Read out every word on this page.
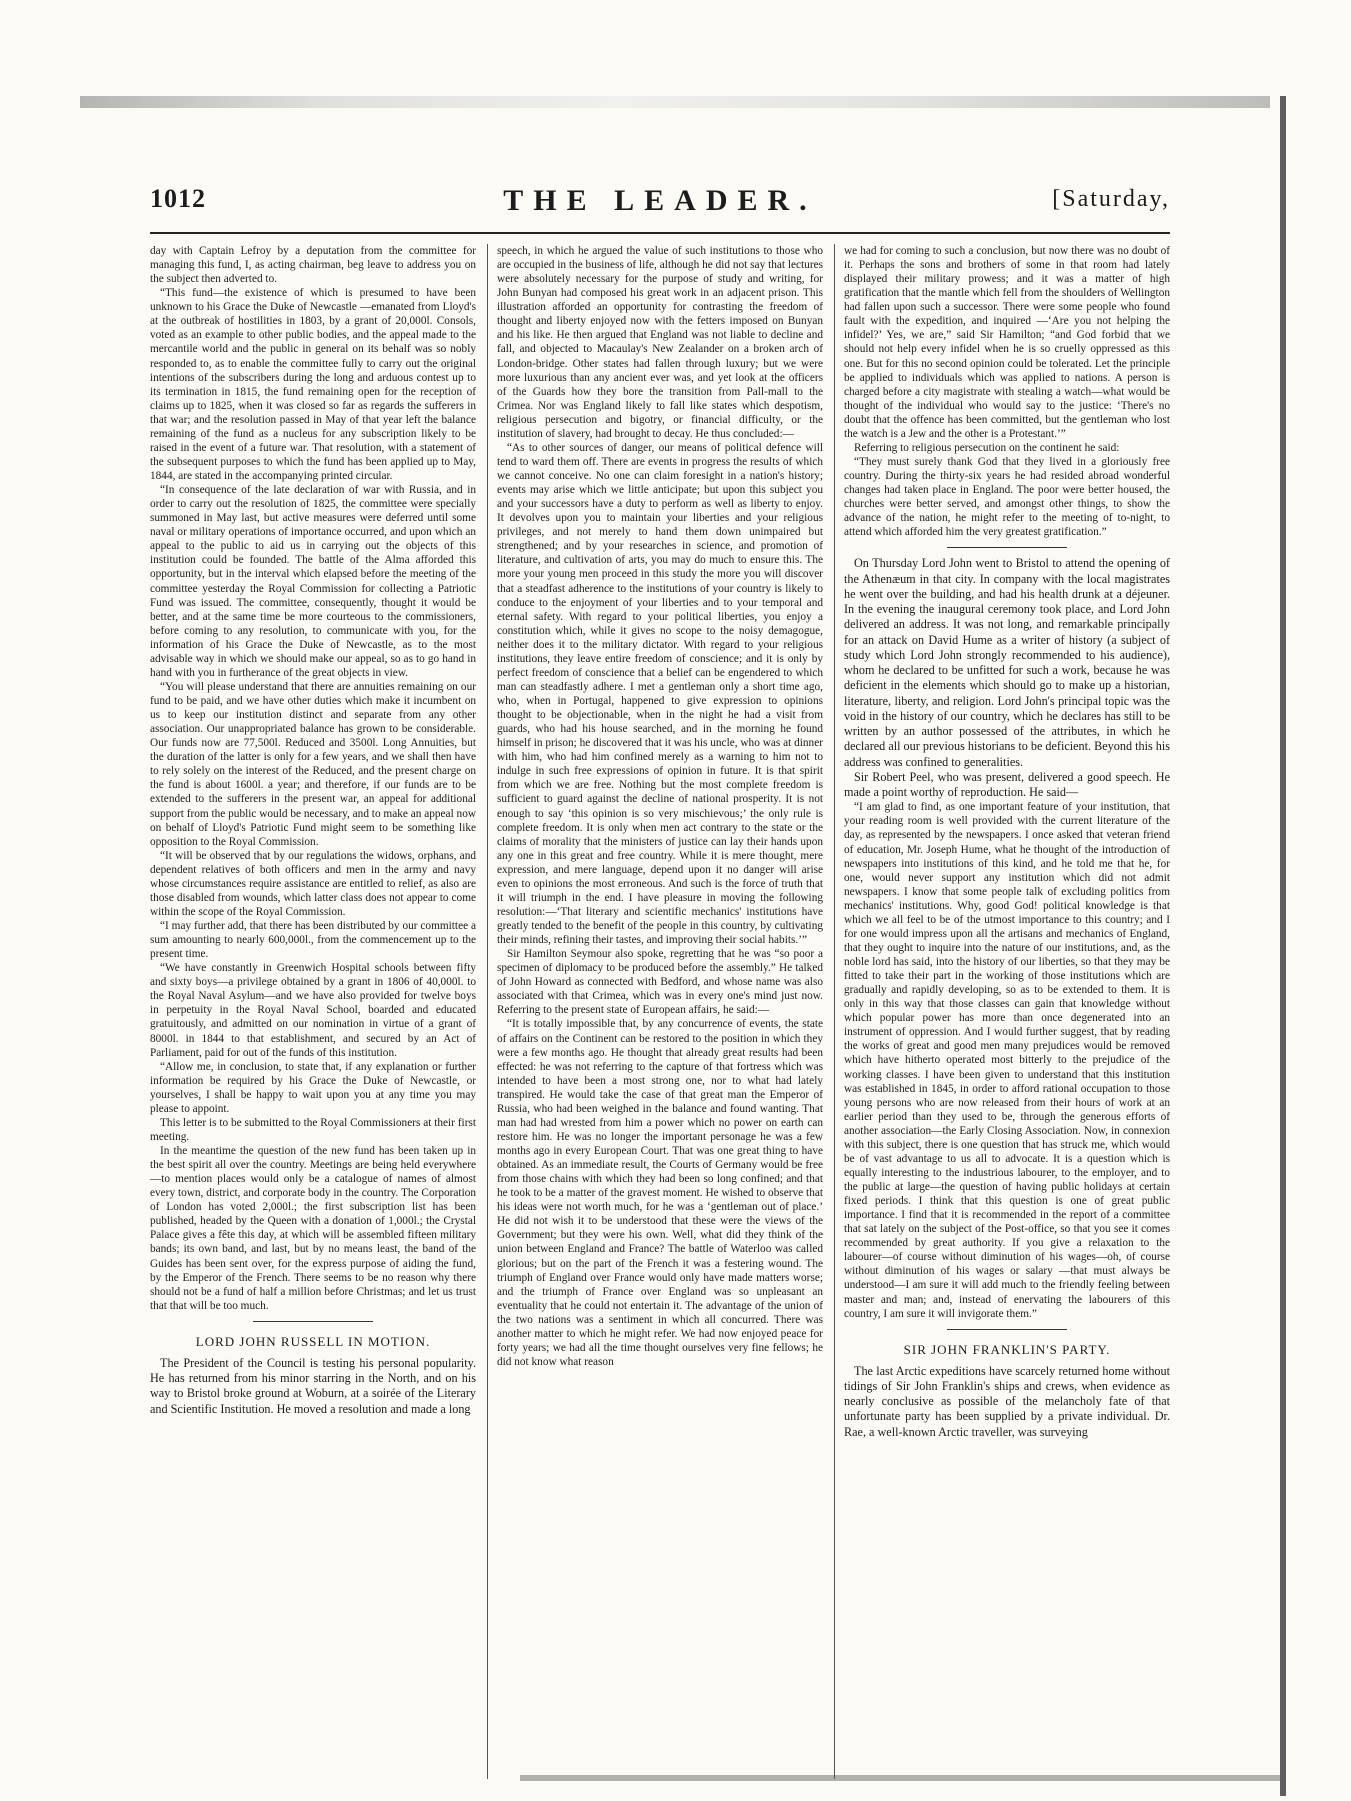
THE LEADER.
1012	[Saturday,

day with Captain Lefroy by a deputation from the committee for managing this fund, I, as acting chairman, beg leave to address you on the subject then adverted to.

“This fund—the existence of which is presumed to have been unknown to his Grace the Duke of Newcastle —emanated from Lloyd's at the outbreak of hostilities in 1803, by a grant of 20,000l. Consols, voted as an example to other public bodies, and the appeal made to the mercantile world and the public in general on its behalf was so nobly responded to, as to enable the committee fully to carry out the original intentions of the subscribers during the long and arduous contest up to its termination in 1815, the fund remaining open for the reception of claims up to 1825, when it was closed so far as regards the sufferers in that war; and the resolution passed in May of that year left the balance remaining of the fund as a nucleus for any subscription likely to be raised in the event of a future war. That resolution, with a statement of the subsequent purposes to which the fund has been applied up to May, 1844, are stated in the accompanying printed circular.

“In consequence of the late declaration of war with Russia, and in order to carry out the resolution of 1825, the committee were specially summoned in May last, but active measures were deferred until some naval or military operations of importance occurred, and upon which an appeal to the public to aid us in carrying out the objects of this institution could be founded. The battle of the Alma afforded this opportunity, but in the interval which elapsed before the meeting of the committee yesterday the Royal Commission for collecting a Patriotic Fund was issued. The committee, consequently, thought it would be better, and at the same time be more courteous to the commissioners, before coming to any resolution, to communicate with you, for the information of his Grace the Duke of Newcastle, as to the most advisable way in which we should make our appeal, so as to go hand in hand with you in furtherance of the great objects in view.

“You will please understand that there are annuities remaining on our fund to be paid, and we have other duties which make it incumbent on us to keep our institution distinct and separate from any other association. Our unappropriated balance has grown to be considerable. Our funds now are 77,500l. Reduced and 3500l. Long Annuities, but the duration of the latter is only for a few years, and we shall then have to rely solely on the interest of the Reduced, and the present charge on the fund is about 1600l. a year; and therefore, if our funds are to be extended to the sufferers in the present war, an appeal for additional support from the public would be necessary, and to make an appeal now on behalf of Lloyd's Patriotic Fund might seem to be something like opposition to the Royal Commission.

“It will be observed that by our regulations the widows, orphans, and dependent relatives of both officers and men in the army and navy whose circumstances require assistance are entitled to relief, as also are those disabled from wounds, which latter class does not appear to come within the scope of the Royal Commission.

“I may further add, that there has been distributed by our committee a sum amounting to nearly 600,000l., from the commencement up to the present time.

“We have constantly in Greenwich Hospital schools between fifty and sixty boys—a privilege obtained by a grant in 1806 of 40,000l. to the Royal Naval Asylum—and we have also provided for twelve boys in perpetuity in the Royal Naval School, boarded and educated gratuitously, and admitted on our nomination in virtue of a grant of 8000l. in 1844 to that establishment, and secured by an Act of Parliament, paid for out of the funds of this institution.

“Allow me, in conclusion, to state that, if any explanation or further information be required by his Grace the Duke of Newcastle, or yourselves, I shall be happy to wait upon you at any time you may please to appoint.

This letter is to be submitted to the Royal Commissioners at their first meeting.

In the meantime the question of the new fund has been taken up in the best spirit all over the country. Meetings are being held everywhere—to mention places would only be a catalogue of names of almost every town, district, and corporate body in the country. The Corporation of London has voted 2,000l.; the first subscription list has been published, headed by the Queen with a donation of 1,000l.; the Crystal Palace gives a fête this day, at which will be assembled fifteen military bands; its own band, and last, but by no means least, the band of the Guides has been sent over, for the express purpose of aiding the fund, by the Emperor of the French. There seems to be no reason why there should not be a fund of half a million before Christmas; and let us trust that that will be too much.

LORD JOHN RUSSELL IN MOTION.

The President of the Council is testing his personal popularity. He has returned from his minor starring in the North, and on his way to Bristol broke ground at Woburn, at a soirée of the Literary and Scientific Institution. He moved a resolution and made a long

speech, in which he argued the value of such institutions to those who are occupied in the business of life, although he did not say that lectures were absolutely necessary for the purpose of study and writing, for John Bunyan had composed his great work in an adjacent prison. This illustration afforded an opportunity for contrasting the freedom of thought and liberty enjoyed now with the fetters imposed on Bunyan and his like. He then argued that England was not liable to decline and fall, and objected to Macaulay's New Zealander on a broken arch of London-bridge. Other states had fallen through luxury; but we were more luxurious than any ancient ever was, and yet look at the officers of the Guards how they bore the transition from Pall-mall to the Crimea. Nor was England likely to fall like states which despotism, religious persecution and bigotry, or financial difficulty, or the institution of slavery, had brought to decay. He thus concluded:—

“As to other sources of danger, our means of political defence will tend to ward them off. There are events in progress the results of which we cannot conceive. No one can claim foresight in a nation's history; events may arise which we little anticipate; but upon this subject you and your successors have a duty to perform as well as liberty to enjoy. It devolves upon you to maintain your liberties and your religious privileges, and not merely to hand them down unimpaired but strengthened; and by your researches in science, and promotion of literature, and cultivation of arts, you may do much to ensure this. The more your young men proceed in this study the more you will discover that a steadfast adherence to the institutions of your country is likely to conduce to the enjoyment of your liberties and to your temporal and eternal safety. With regard to your political liberties, you enjoy a constitution which, while it gives no scope to the noisy demagogue, neither does it to the military dictator. With regard to your religious institutions, they leave entire freedom of conscience; and it is only by perfect freedom of conscience that a belief can be engendered to which man can steadfastly adhere. I met a gentleman only a short time ago, who, when in Portugal, happened to give expression to opinions thought to be objectionable, when in the night he had a visit from guards, who had his house searched, and in the morning he found himself in prison; he discovered that it was his uncle, who was at dinner with him, who had him confined merely as a warning to him not to indulge in such free expressions of opinion in future. It is that spirit from which we are free. Nothing but the most complete freedom is sufficient to guard against the decline of national prosperity. It is not enough to say ‘this opinion is so very mischievous;’ the only rule is complete freedom. It is only when men act contrary to the state or the claims of morality that the ministers of justice can lay their hands upon any one in this great and free country. While it is mere thought, mere expression, and mere language, depend upon it no danger will arise even to opinions the most erroneous. And such is the force of truth that it will triumph in the end. I have pleasure in moving the following resolution:—‘That literary and scientific mechanics' institutions have greatly tended to the benefit of the people in this country, by cultivating their minds, refining their tastes, and improving their social habits.’”

Sir Hamilton Seymour also spoke, regretting that he was “so poor a specimen of diplomacy to be produced before the assembly.” He talked of John Howard as connected with Bedford, and whose name was also associated with that Crimea, which was in every one's mind just now. Referring to the present state of European affairs, he said:—

“It is totally impossible that, by any concurrence of events, the state of affairs on the Continent can be restored to the position in which they were a few months ago. He thought that already great results had been effected: he was not referring to the capture of that fortress which was intended to have been a most strong one, nor to what had lately transpired. He would take the case of that great man the Emperor of Russia, who had been weighed in the balance and found wanting. That man had had wrested from him a power which no power on earth can restore him. He was no longer the important personage he was a few months ago in every European Court. That was one great thing to have obtained. As an immediate result, the Courts of Germany would be free from those chains with which they had been so long confined; and that he took to be a matter of the gravest moment. He wished to observe that his ideas were not worth much, for he was a ‘gentleman out of place.’ He did not wish it to be understood that these were the views of the Government; but they were his own. Well, what did they think of the union between England and France? The battle of Waterloo was called glorious; but on the part of the French it was a festering wound. The triumph of England over France would only have made matters worse; and the triumph of France over England was so unpleasant an eventuality that he could not entertain it. The advantage of the union of the two nations was a sentiment in which all concurred. There was another matter to which he might refer. We had now enjoyed peace for forty years; we had all the time thought ourselves very fine fellows; he did not know what reason

we had for coming to such a conclusion, but now there was no doubt of it. Perhaps the sons and brothers of some in that room had lately displayed their military prowess; and it was a matter of high gratification that the mantle which fell from the shoulders of Wellington had fallen upon such a successor. There were some people who found fault with the expedition, and inquired —‘Are you not helping the infidel?’ Yes, we are,” said Sir Hamilton; “and God forbid that we should not help every infidel when he is so cruelly oppressed as this one. But for this no second opinion could be tolerated. Let the principle be applied to individuals which was applied to nations. A person is charged before a city magistrate with stealing a watch—what would be thought of the individual who would say to the justice: ‘There's no doubt that the offence has been committed, but the gentleman who lost the watch is a Jew and the other is a Protestant.’”

Referring to religious persecution on the continent he said:

“They must surely thank God that they lived in a gloriously free country. During the thirty-six years he had resided abroad wonderful changes had taken place in England. The poor were better housed, the churches were better served, and amongst other things, to show the advance of the nation, he might refer to the meeting of to-night, to attend which afforded him the very greatest gratification.”

On Thursday Lord John went to Bristol to attend the opening of the Athenæum in that city. In company with the local magistrates he went over the building, and had his health drunk at a déjeuner. In the evening the inaugural ceremony took place, and Lord John delivered an address. It was not long, and remarkable principally for an attack on David Hume as a writer of history (a subject of study which Lord John strongly recommended to his audience), whom he declared to be unfitted for such a work, because he was deficient in the elements which should go to make up a historian, literature, liberty, and religion. Lord John's principal topic was the void in the history of our country, which he declares has still to be written by an author possessed of the attributes, in which he declared all our previous historians to be deficient. Beyond this his address was confined to generalities.

Sir Robert Peel, who was present, delivered a good speech. He made a point worthy of reproduction. He said—

“I am glad to find, as one important feature of your institution, that your reading room is well provided with the current literature of the day, as represented by the newspapers. I once asked that veteran friend of education, Mr. Joseph Hume, what he thought of the introduction of newspapers into institutions of this kind, and he told me that he, for one, would never support any institution which did not admit newspapers. I know that some people talk of excluding politics from mechanics' institutions. Why, good God! political knowledge is that which we all feel to be of the utmost importance to this country; and I for one would impress upon all the artisans and mechanics of England, that they ought to inquire into the nature of our institutions, and, as the noble lord has said, into the history of our liberties, so that they may be fitted to take their part in the working of those institutions which are gradually and rapidly developing, so as to be extended to them. It is only in this way that those classes can gain that knowledge without which popular power has more than once degenerated into an instrument of oppression. And I would further suggest, that by reading the works of great and good men many prejudices would be removed which have hitherto operated most bitterly to the prejudice of the working classes. I have been given to understand that this institution was established in 1845, in order to afford rational occupation to those young persons who are now released from their hours of work at an earlier period than they used to be, through the generous efforts of another association—the Early Closing Association. Now, in connexion with this subject, there is one question that has struck me, which would be of vast advantage to us all to advocate. It is a question which is equally interesting to the industrious labourer, to the employer, and to the public at large—the question of having public holidays at certain fixed periods. I think that this question is one of great public importance. I find that it is recommended in the report of a committee that sat lately on the subject of the Post-office, so that you see it comes recommended by great authority. If you give a relaxation to the labourer—of course without diminution of his wages—oh, of course without diminution of his wages or salary —that must always be understood—I am sure it will add much to the friendly feeling between master and man; and, instead of enervating the labourers of this country, I am sure it will invigorate them.”

SIR JOHN FRANKLIN'S PARTY.

The last Arctic expeditions have scarcely returned home without tidings of Sir John Franklin's ships and crews, when evidence as nearly conclusive as possible of the melancholy fate of that unfortunate party has been supplied by a private individual. Dr. Rae, a well-known Arctic traveller, was surveying
